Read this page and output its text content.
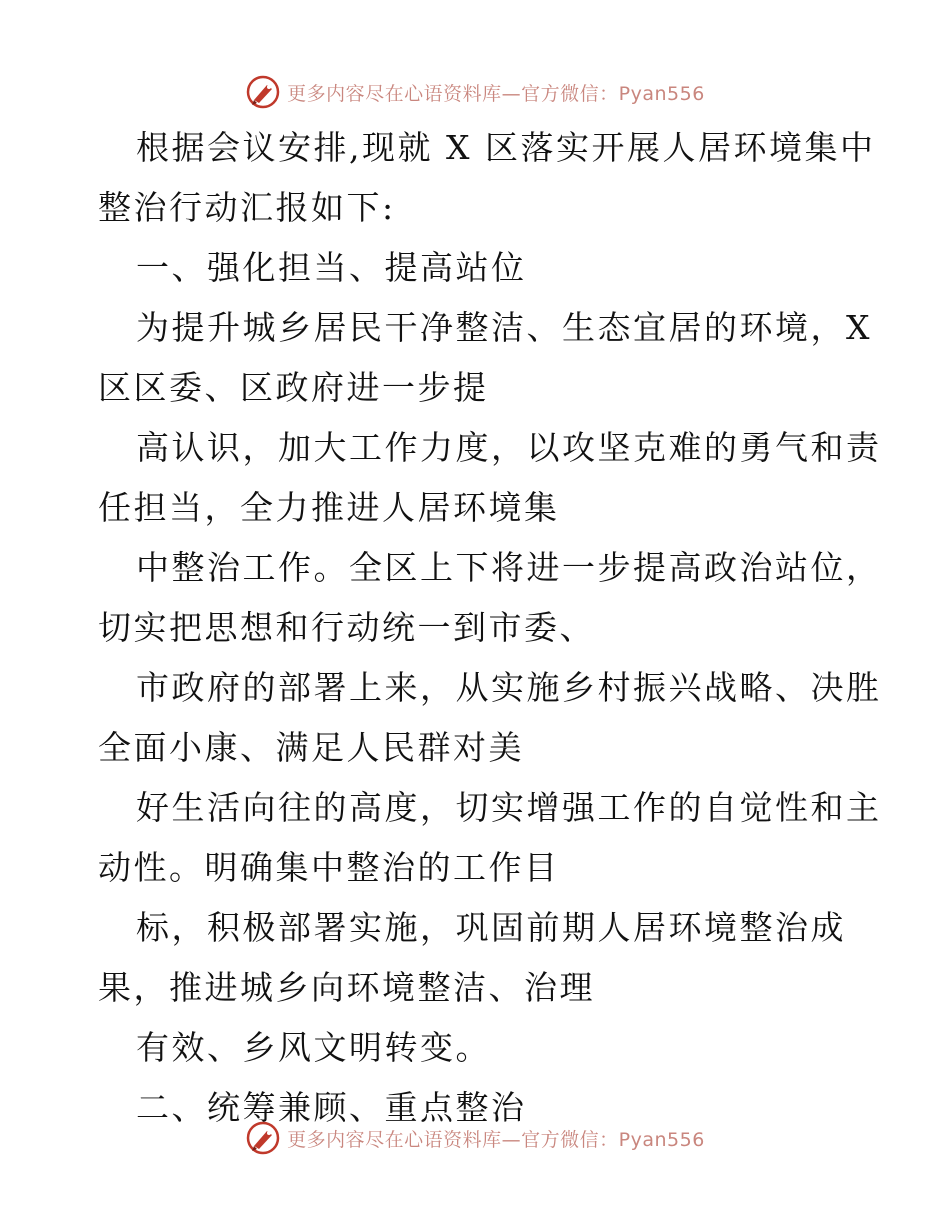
更多内容尽在心语资料库—官方微信：Pyan556
根据会议安排,现就 X 区落实开展人居环境集中
整治行动汇报如下:
一、强化担当、提高站位
为提升城乡居民干净整洁、生态宜居的环境，X
区区委、区政府进一步提
高认识，加大工作力度，以攻坚克难的勇气和责
任担当，全力推进人居环境集
中整治工作。全区上下将进一步提高政治站位，
切实把思想和行动统一到市委、
市政府的部署上来，从实施乡村振兴战略、决胜
全面小康、满足人民群对美
好生活向往的高度，切实增强工作的自觉性和主
动性。明确集中整治的工作目
标，积极部署实施，巩固前期人居环境整治成
果，推进城乡向环境整洁、治理
有效、乡风文明转变。
二、统筹兼顾、重点整治
更多内容尽在心语资料库—官方微信：Pyan556
